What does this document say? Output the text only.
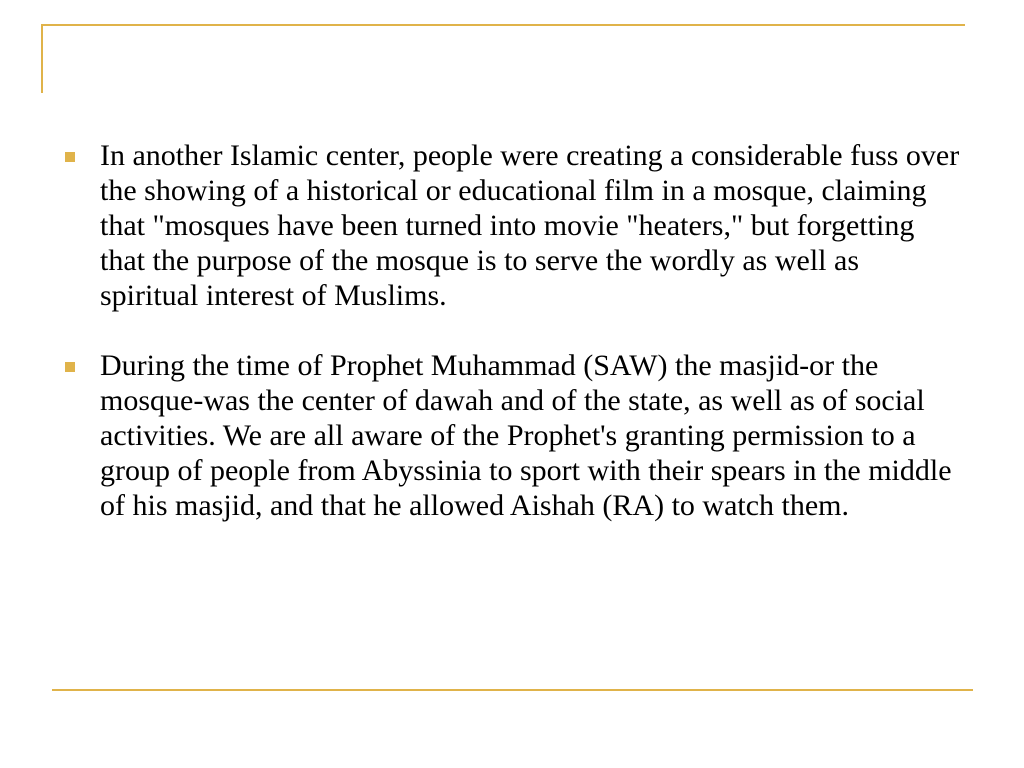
In another Islamic center, people were creating a considerable fuss over the showing of a historical or educational film in a mosque, claiming that "mosques have been turned into movie "heaters," but forgetting that the purpose of the mosque is to serve the wordly as well as spiritual interest of Muslims.
During the time of Prophet Muhammad (SAW) the masjid-or the mosque-was the center of dawah and of the state, as well as of social activities. We are all aware of the Prophet's granting permission to a group of people from Abyssinia to sport with their spears in the middle of his masjid, and that he allowed Aishah (RA) to watch them.
